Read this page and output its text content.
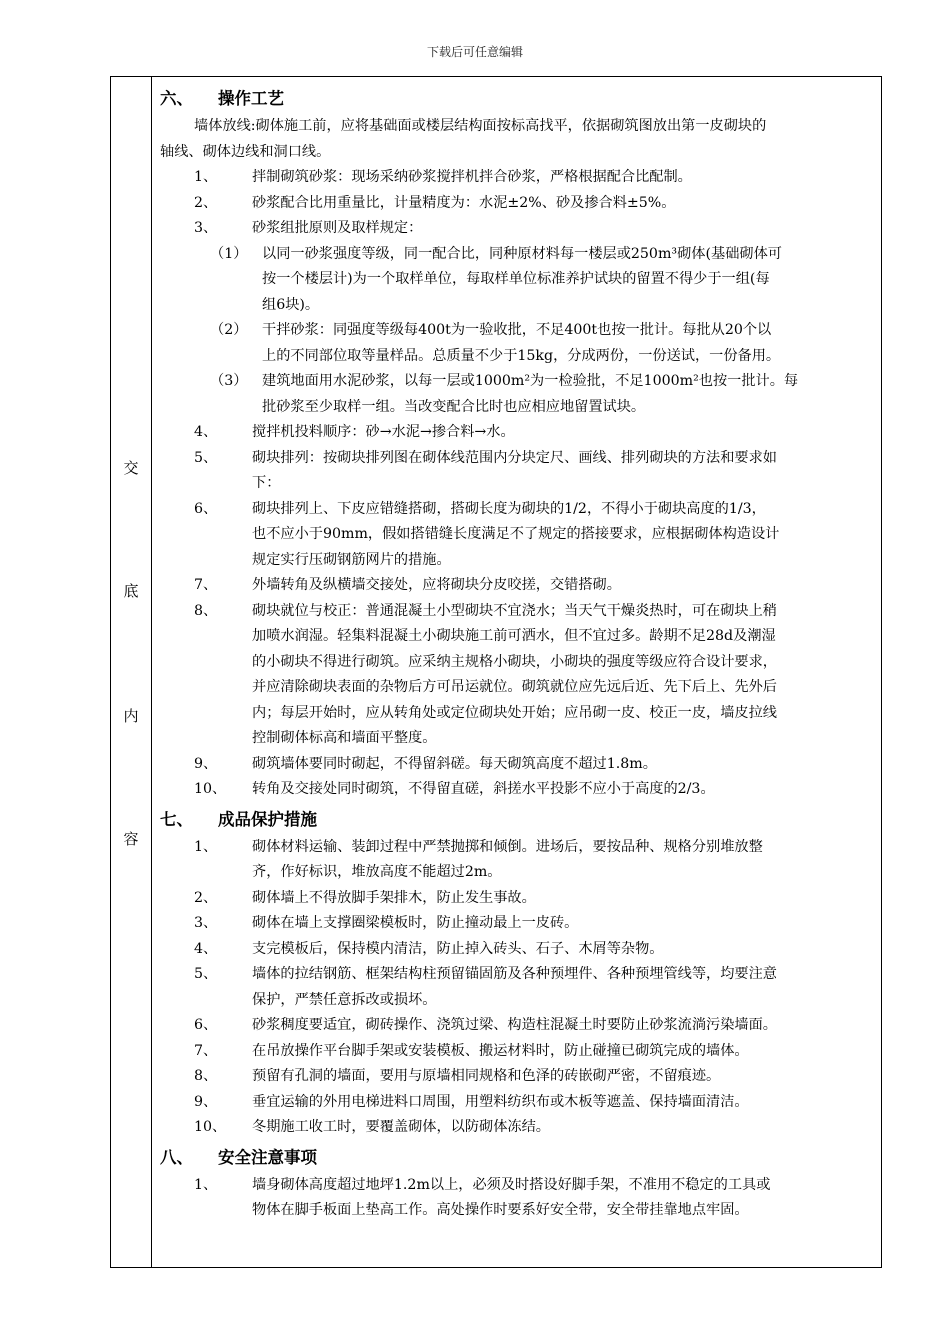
下载后可任意编辑
交
底
内
容
六、	操作工艺
墙体放线:砌体施工前，应将基础面或楼层结构面按标高找平，依据砌筑图放出第一皮砌块的
轴线、砌体边线和洞口线。
1、	拌制砌筑砂浆：现场采纳砂浆搅拌机拌合砂浆，严格根据配合比配制。
2、	砂浆配合比用重量比，计量精度为：水泥±2%、砂及掺合料±5%。
3、	砂浆组批原则及取样规定：
（1）	以同一砂浆强度等级，同一配合比，同种原材料每一楼层或250m³砌体(基础砌体可
按一个楼层计)为一个取样单位，每取样单位标准养护试块的留置不得少于一组(每
组6块)。
（2）	干拌砂浆：同强度等级每400t为一验收批，不足400t也按一批计。每批从20个以
上的不同部位取等量样品。总质量不少于15kg，分成两份，一份送试，一份备用。
（3）	建筑地面用水泥砂浆，以每一层或1000m²为一检验批，不足1000m²也按一批计。每
批砂浆至少取样一组。当改变配合比时也应相应地留置试块。
4、	搅拌机投料顺序：砂→水泥→掺合料→水。
5、	砌块排列：按砌块排列图在砌体线范围内分块定尺、画线、排列砌块的方法和要求如
下：
6、	砌块排列上、下皮应错缝搭砌，搭砌长度为砌块的1/2，不得小于砌块高度的1/3，
也不应小于90mm，假如搭错缝长度满足不了规定的搭接要求，应根据砌体构造设计
规定实行压砌钢筋网片的措施。
7、	外墙转角及纵横墙交接处，应将砌块分皮咬搓，交错搭砌。
8、	砌块就位与校正：普通混凝土小型砌块不宜浇水；当天气干燥炎热时，可在砌块上稍
加喷水润湿。轻集料混凝土小砌块施工前可洒水，但不宜过多。龄期不足28d及潮湿
的小砌块不得进行砌筑。应采纳主规格小砌块，小砌块的强度等级应符合设计要求，
并应清除砌块表面的杂物后方可吊运就位。砌筑就位应先远后近、先下后上、先外后
内；每层开始时，应从转角处或定位砌块处开始；应吊砌一皮、校正一皮，墙皮拉线
控制砌体标高和墙面平整度。
9、	砌筑墙体要同时砌起，不得留斜磋。每天砌筑高度不超过1.8m。
10、	转角及交接处同时砌筑，不得留直磋，斜搓水平投影不应小于高度的2/3。
七、	成品保护措施
1、	砌体材料运输、装卸过程中严禁抛掷和倾倒。进场后，要按品种、规格分别堆放整
齐，作好标识，堆放高度不能超过2m。
2、	砌体墙上不得放脚手架排木，防止发生事故。
3、	砌体在墙上支撑圈梁模板时，防止撞动最上一皮砖。
4、	支完模板后，保持模内清洁，防止掉入砖头、石子、木屑等杂物。
5、	墙体的拉结钢筋、框架结构柱预留锚固筋及各种预埋件、各种预埋管线等，均要注意
保护，严禁任意拆改或损坏。
6、	砂浆稠度要适宜，砌砖操作、浇筑过梁、构造柱混凝土时要防止砂浆流淌污染墙面。
7、	在吊放操作平台脚手架或安装模板、搬运材料时，防止碰撞已砌筑完成的墙体。
8、	预留有孔洞的墙面，要用与原墙相同规格和色泽的砖嵌砌严密，不留痕迹。
9、	垂宜运输的外用电梯进料口周围，用塑料纺织布或木板等遮盖、保持墙面清洁。
10、	冬期施工收工时，要覆盖砌体，以防砌体冻结。
八、	安全注意事项
1、	墙身砌体高度超过地坪1.2m以上，必须及时搭设好脚手架，不准用不稳定的工具或
物体在脚手板面上垫高工作。高处操作时要系好安全带，安全带挂靠地点牢固。
